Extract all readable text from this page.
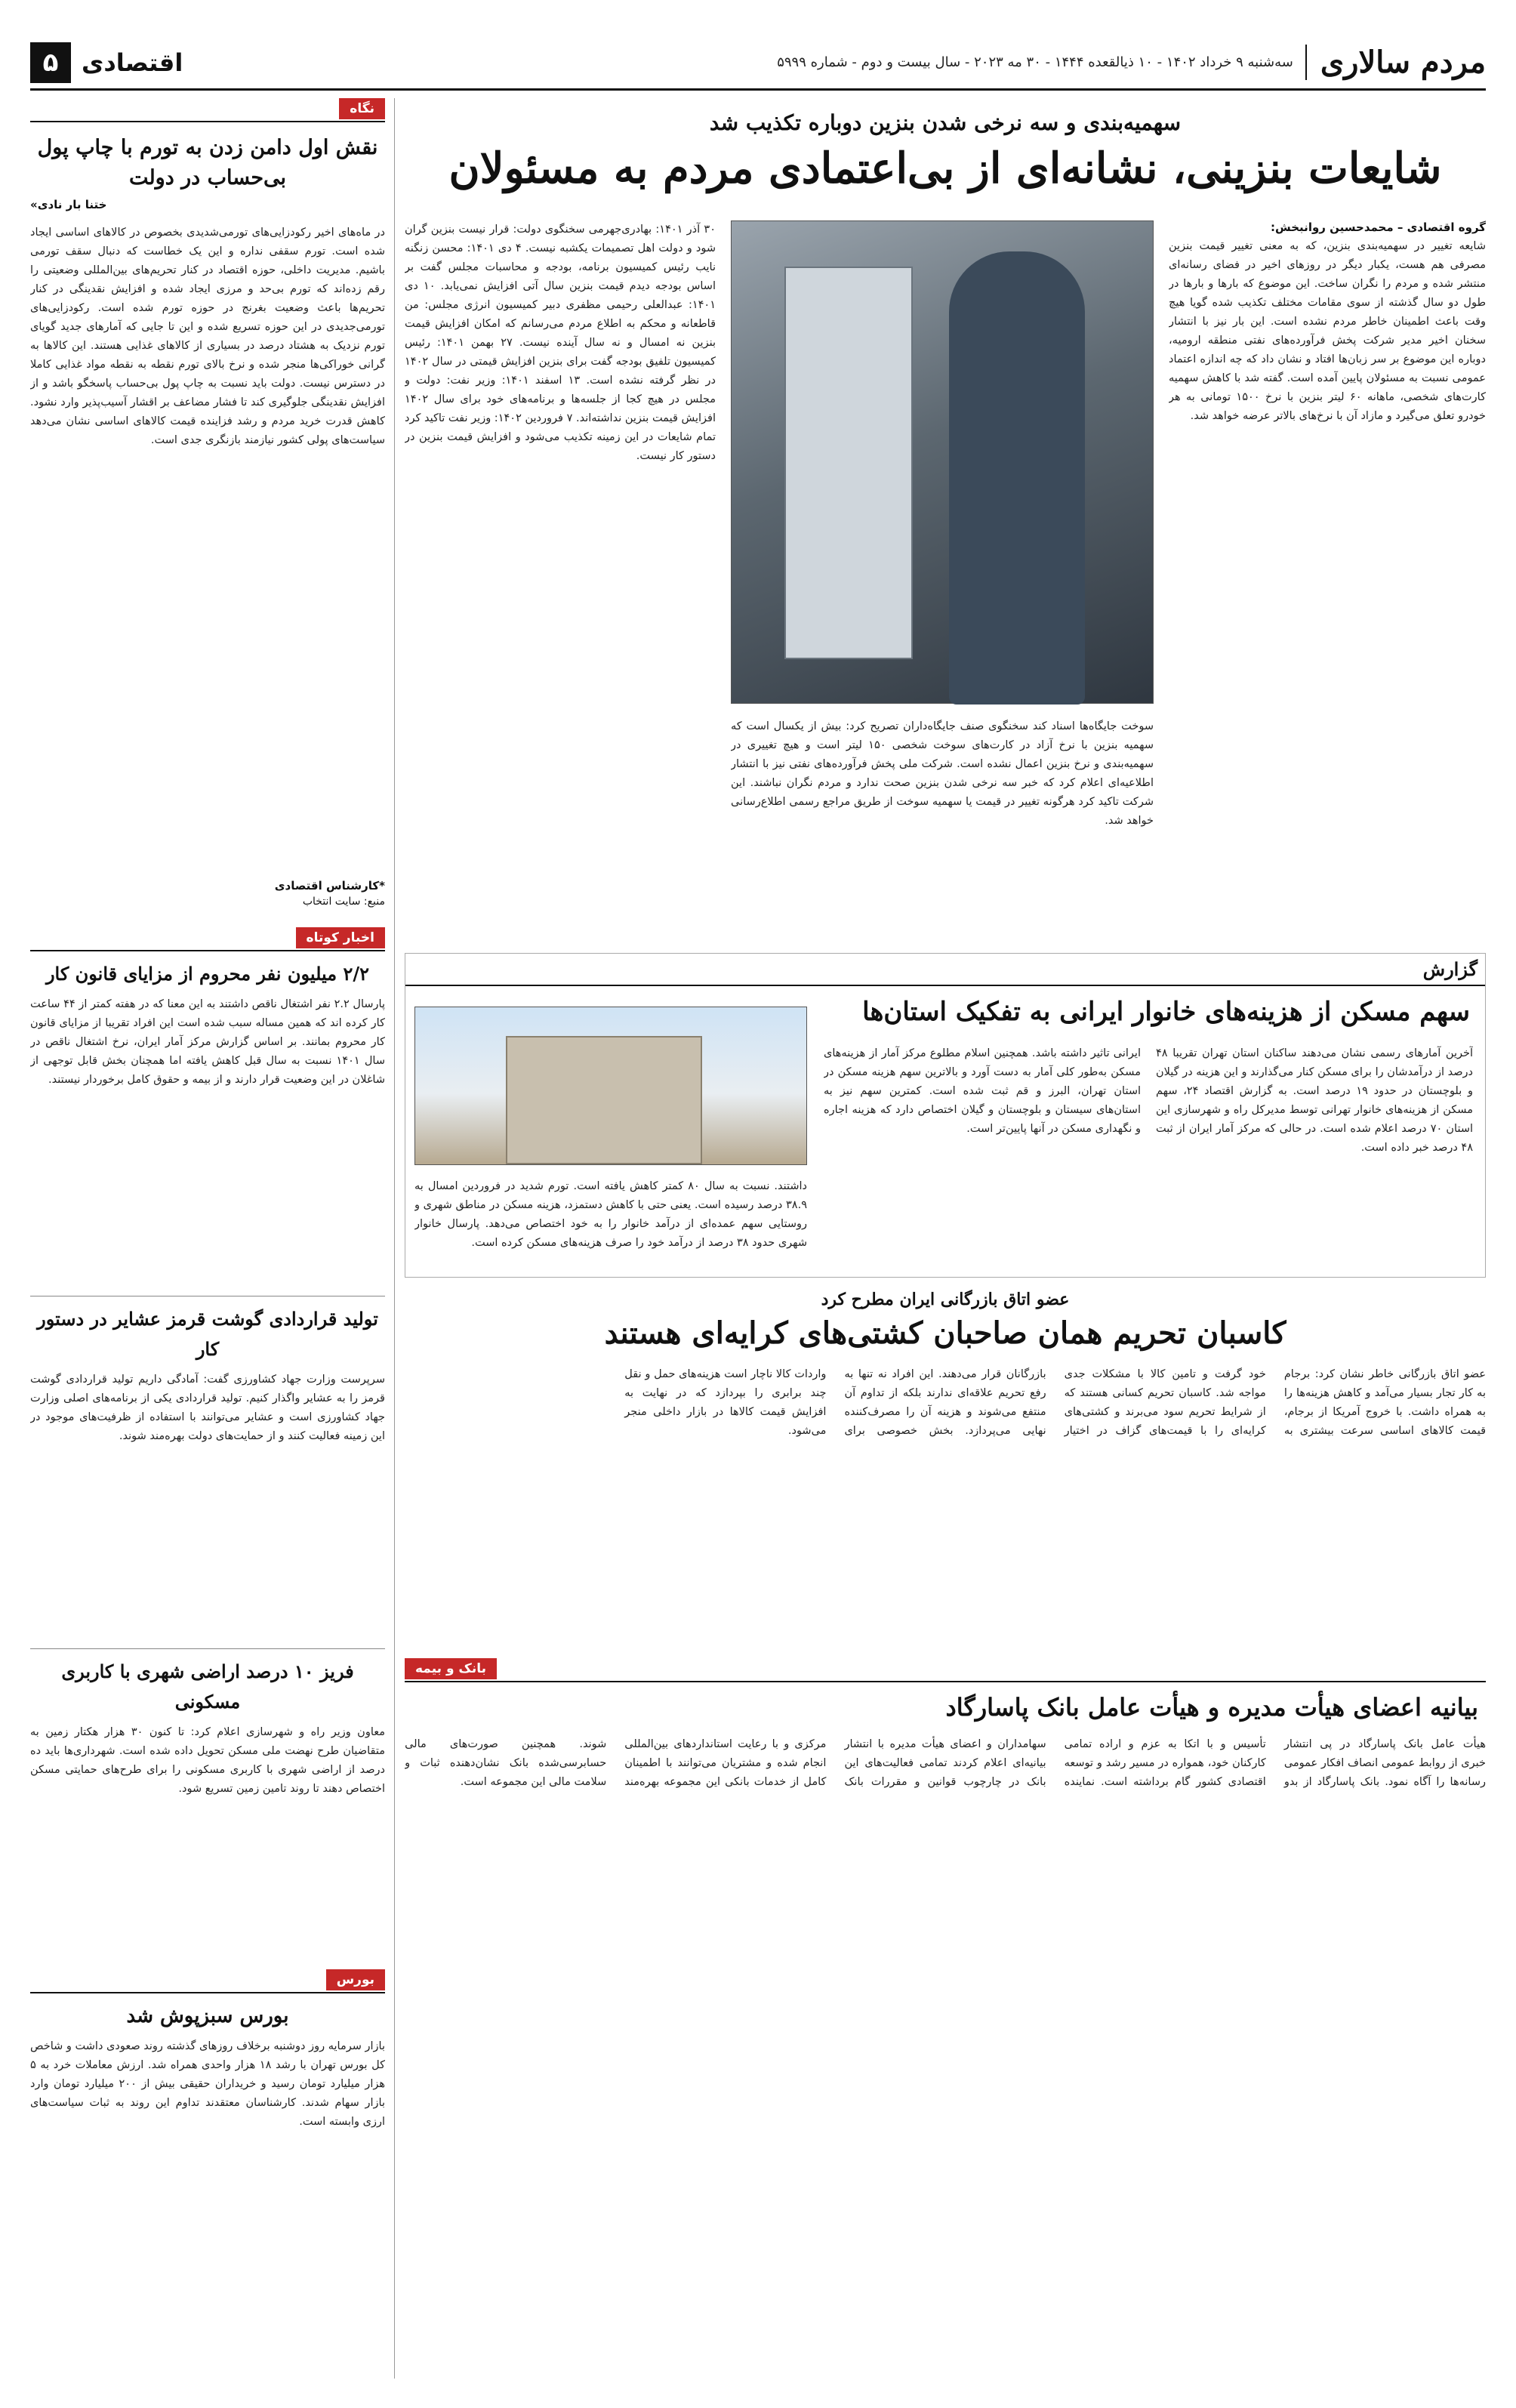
مردم سالاری
سه‌شنبه ۹ خرداد ۱۴۰۲ - ۱۰ ذیالقعده ۱۴۴۴ - ۳۰ مه ۲۰۲۳ - سال بیست و دوم - شماره ۵۹۹۹
۵ اقتصادی
نگاه
نقش اول دامن زدن به تورم با چاپ پول بی‌حساب در دولت
ختنا بار نادی»
در ماه‌های اخیر رکودزایی‌های تورمی‌شدیدی بخصوص در کالاهای اساسی ایجاد شده است. تورم سقفی نداره و این یک خطاست که دنبال سقف تورمی باشیم. مدیریت داخلی، حوزه اقتصاد در کنار تحریم‌های بین‌المللی وضعیتی را رقم زده‌اند که تورم بی‌حد و مرزی ایجاد شده و افزایش نقدینگی در کنار تحریم‌ها باعث وضعیت بغرنج در حوزه تورم شده است. رکودزایی‌های تورمی‌جدیدی در این حوزه تسریع شده و این تا جایی که آمارهای جدید گویای تورم نزدیک به هشتاد درصد در بسیاری از کالاهای غذایی هستند. این کالاها به گرانی خوراکی‌ها منجر شده و نرخ بالای تورم نقطه به نقطه مواد غذایی کاملا در دسترس نیست. دولت باید نسبت به چاپ پول بی‌حساب پاسخگو باشد و از افزایش نقدینگی جلوگیری کند تا فشار مضاعف بر اقشار آسیب‌پذیر وارد نشود. کاهش قدرت خرید مردم و رشد فزاینده قیمت کالاهای اساسی نشان می‌دهد سیاست‌های پولی کشور نیازمند بازنگری جدی است.
*کارشناس اقتصادی
منبع: سایت انتخاب
اخبار کوتاه
۲/۲ میلیون نفر محروم از مزایای قانون کار
پارسال ۲.۲ نفر اشتغال ناقص داشتند به این معنا که در هفته کمتر از ۴۴ ساعت کار کرده اند که همین مساله سبب شده است این افراد تقریبا از مزایای قانون کار محروم بمانند. بر اساس گزارش مرکز آمار ایران، نرخ اشتغال ناقص در سال ۱۴۰۱ نسبت به سال قبل کاهش یافته اما همچنان بخش قابل توجهی از شاغلان در این وضعیت قرار دارند و از بیمه و حقوق کامل برخوردار نیستند.
تولید قراردادی گوشت قرمز عشایر در دستور کار
سرپرست وزارت جهاد کشاورزی گفت: آمادگی داریم تولید قراردادی گوشت قرمز را به عشایر واگذار کنیم. تولید قراردادی یکی از برنامه‌های اصلی وزارت جهاد کشاورزی است و عشایر می‌توانند با استفاده از ظرفیت‌های موجود در این زمینه فعالیت کنند و از حمایت‌های دولت بهره‌مند شوند.
فریز ۱۰ درصد اراضی شهری با کاربری مسکونی
معاون وزیر راه و شهرسازی اعلام کرد: تا کنون ۳۰ هزار هکتار زمین به متقاضیان طرح نهضت ملی مسکن تحویل داده شده است. شهرداری‌ها باید ده درصد از اراضی شهری با کاربری مسکونی را برای طرح‌های حمایتی مسکن اختصاص دهند تا روند تامین زمین تسریع شود.
بورس
بورس سبزپوش شد
بازار سرمایه روز دوشنبه برخلاف روزهای گذشته روند صعودی داشت و شاخص کل بورس تهران با رشد ۱۸ هزار واحدی همراه شد. ارزش معاملات خرد به ۵ هزار میلیارد تومان رسید و خریداران حقیقی بیش از ۲۰۰ میلیارد تومان وارد بازار سهام شدند. کارشناسان معتقدند تداوم این روند به ثبات سیاست‌های ارزی وابسته است.
سهمیه‌بندی و سه نرخی شدن بنزین دوباره تکذیب شد
شایعات بنزینی، نشانه‌ای از بی‌اعتمادی مردم به مسئولان
گروه اقتصادی – محمدحسین روانبخش:
شایعه تغییر در سهمیه‌بندی بنزین، که به معنی تغییر قیمت بنزین مصرفی هم هست، یکبار دیگر در روزهای اخیر در فضای رسانه‌ای منتشر شده و مردم را نگران ساخت. این موضوع که بارها و بارها در طول دو سال گذشته از سوی مقامات مختلف تکذیب شده گویا هیچ وقت باعث اطمینان خاطر مردم نشده است. این بار نیز با انتشار سخنان اخیر مدیر شرکت پخش فرآورده‌های نفتی منطقه ارومیه، دوباره این موضوع بر سر زبان‌ها افتاد و نشان داد که چه اندازه اعتماد عمومی نسبت به مسئولان پایین آمده است. گفته شد با کاهش سهمیه کارت‌های شخصی، ماهانه ۶۰ لیتر بنزین با نرخ ۱۵۰۰ تومانی به هر خودرو تعلق می‌گیرد و مازاد آن با نرخ‌های بالاتر عرضه خواهد شد.
سوخت جایگاه‌ها اسناد کند سخنگوی صنف جایگاه‌داران تصریح کرد: بیش از یکسال است که سهمیه بنزین با نرخ آزاد در کارت‌های سوخت شخصی ۱۵۰ لیتر است و هیچ تغییری در سهمیه‌بندی و نرخ بنزین اعمال نشده است. شرکت ملی پخش فرآورده‌های نفتی نیز با انتشار اطلاعیه‌ای اعلام کرد که خبر سه نرخی شدن بنزین صحت ندارد و مردم نگران نباشند. این شرکت تاکید کرد هرگونه تغییر در قیمت یا سهمیه سوخت از طریق مراجع رسمی اطلاع‌رسانی خواهد شد.
۳۰ آذر ۱۴۰۱: بهادری‌جهرمی سخنگوی دولت: قرار نیست بنزین گران شود و دولت اهل تصمیمات یکشبه نیست. ۴ دی ۱۴۰۱: محسن زنگنه نایب رئیس کمیسیون برنامه، بودجه و محاسبات مجلس گفت بر اساس بودجه دیدم قیمت بنزین سال آتی افزایش نمی‌یابد. ۱۰ دی ۱۴۰۱: عبدالعلی رحیمی مظفری دبیر کمیسیون انرژی مجلس: من قاطعانه و محکم به اطلاع مردم می‌رسانم که امکان افزایش قیمت بنزین نه امسال و نه سال آینده نیست. ۲۷ بهمن ۱۴۰۱: رئیس کمیسیون تلفیق بودجه گفت برای بنزین افزایش قیمتی در سال ۱۴۰۲ در نظر گرفته نشده است. ۱۳ اسفند ۱۴۰۱: وزیر نفت: دولت و مجلس در هیچ کجا از جلسه‌ها و برنامه‌های خود برای سال ۱۴۰۲ افزایش قیمت بنزین نداشته‌اند. ۷ فروردین ۱۴۰۲: وزیر نفت تاکید کرد تمام شایعات در این زمینه تکذیب می‌شود و افزایش قیمت بنزین در دستور کار نیست.
گزارش
سهم مسکن از هزینه‌های خانوار ایرانی به تفکیک استان‌ها
آخرین آمارهای رسمی نشان می‌دهند ساکنان استان تهران تقریبا ۴۸ درصد از درآمدشان را برای مسکن کنار می‌گذارند و این هزینه در گیلان و بلوچستان در حدود ۱۹ درصد است. به گزارش اقتصاد ۲۴، سهم مسکن از هزینه‌های خانوار تهرانی توسط مدیرکل راه و شهرسازی این استان ۷۰ درصد اعلام شده است. در حالی که مرکز آمار ایران از ثبت ۴۸ درصد خبر داده است.
ایرانی تاثیر داشته باشد. همچنین اسلام مطلوع مرکز آمار از هزینه‌های مسکن به‌طور کلی آمار به دست آورد و بالاترین سهم هزینه مسکن در استان تهران، البرز و قم ثبت شده است. کمترین سهم نیز به استان‌های سیستان و بلوچستان و گیلان اختصاص دارد که هزینه اجاره و نگهداری مسکن در آنها پایین‌تر است.
داشتند. نسبت به سال ۸۰ کمتر کاهش یافته است. تورم شدید در فروردین امسال به ۳۸.۹ درصد رسیده است. یعنی حتی با کاهش دستمزد، هزینه مسکن در مناطق شهری و روستایی سهم عمده‌ای از درآمد خانوار را به خود اختصاص می‌دهد. پارسال خانوار شهری حدود ۳۸ درصد از درآمد خود را صرف هزینه‌های مسکن کرده است.
عضو اتاق بازرگانی ایران مطرح کرد
کاسبان تحریم همان صاحبان کشتی‌های کرایه‌ای هستند
عضو اتاق بازرگانی خاطر نشان کرد: برجام به کار تجار بسیار می‌آمد و کاهش هزینه‌ها را به همراه داشت. با خروج آمریکا از برجام، قیمت کالاهای اساسی سرعت بیشتری به خود گرفت و تامین کالا با مشکلات جدی مواجه شد. کاسبان تحریم کسانی هستند که از شرایط تحریم سود می‌برند و کشتی‌های کرایه‌ای را با قیمت‌های گزاف در اختیار بازرگانان قرار می‌دهند. این افراد نه تنها به رفع تحریم علاقه‌ای ندارند بلکه از تداوم آن منتفع می‌شوند و هزینه آن را مصرف‌کننده نهایی می‌پردازد. بخش خصوصی برای واردات کالا ناچار است هزینه‌های حمل و نقل چند برابری را بپردازد که در نهایت به افزایش قیمت کالاها در بازار داخلی منجر می‌شود.
بانک و بیمه
بیانیه اعضای هیأت مدیره و هیأت عامل بانک پاسارگاد
هیأت عامل بانک پاسارگاد در پی انتشار خبری از روابط عمومی انصاف افکار عمومی رسانه‌ها را آگاه نمود. بانک پاسارگاد از بدو تأسیس و با اتکا به عزم و اراده تمامی کارکنان خود، همواره در مسیر رشد و توسعه اقتصادی کشور گام برداشته است. نماینده سهامداران و اعضای هیأت مدیره با انتشار بیانیه‌ای اعلام کردند تمامی فعالیت‌های این بانک در چارچوب قوانین و مقررات بانک مرکزی و با رعایت استانداردهای بین‌المللی انجام شده و مشتریان می‌توانند با اطمینان کامل از خدمات بانکی این مجموعه بهره‌مند شوند. همچنین صورت‌های مالی حسابرسی‌شده بانک نشان‌دهنده ثبات و سلامت مالی این مجموعه است.
